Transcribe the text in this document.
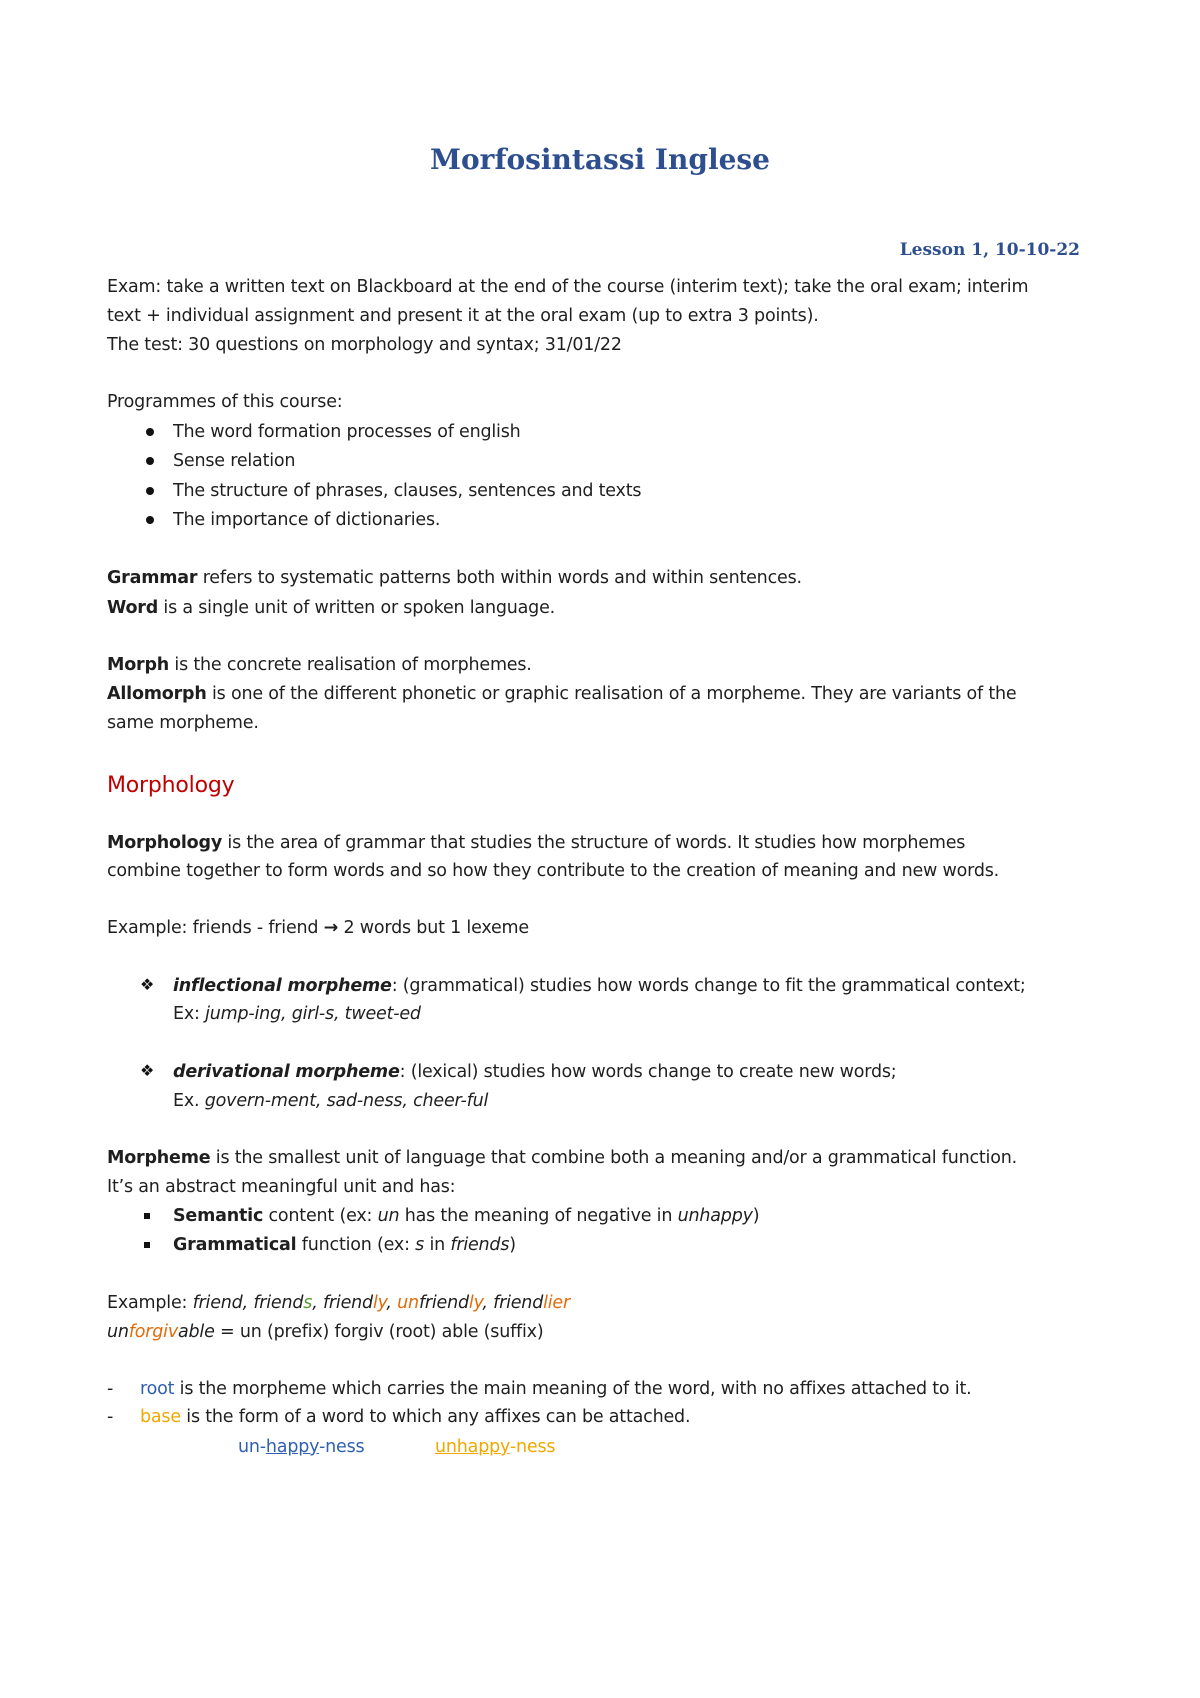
Morfosintassi Inglese
Lesson 1, 10-10-22
Exam: take a written text on Blackboard at the end of the course (interim text); take the oral exam; interim
text + individual assignment and present it at the oral exam (up to extra 3 points).
The test: 30 questions on morphology and syntax; 31/01/22
Programmes of this course:
The word formation processes of english
Sense relation
The structure of phrases, clauses, sentences and texts
The importance of dictionaries.
Grammar refers to systematic patterns both within words and within sentences.
Word is a single unit of written or spoken language.
Morph is the concrete realisation of morphemes.
Allomorph is one of the different phonetic or graphic realisation of a morpheme. They are variants of the
same morpheme.
Morphology
Morphology is the area of grammar that studies the structure of words. It studies how morphemes
combine together to form words and so how they contribute to the creation of meaning and new words.
Example: friends - friend → 2 words but 1 lexeme
❖ inflectional morpheme: (grammatical) studies how words change to fit the grammatical context;
Ex: jump-ing, girl-s, tweet-ed
❖ derivational morpheme: (lexical) studies how words change to create new words;
Ex. govern-ment, sad-ness, cheer-ful
Morpheme is the smallest unit of language that combine both a meaning and/or a grammatical function.
It’s an abstract meaningful unit and has:
Semantic content (ex: un has the meaning of negative in unhappy)
Grammatical function (ex: s in friends)
Example: friend, friends, friendly, unfriendly, friendlier
unforgivable = un (prefix) forgiv (root) able (suffix)
- root is the morpheme which carries the main meaning of the word, with no affixes attached to it.
- base is the form of a word to which any affixes can be attached.
un-happy-ness	unhappy-ness
